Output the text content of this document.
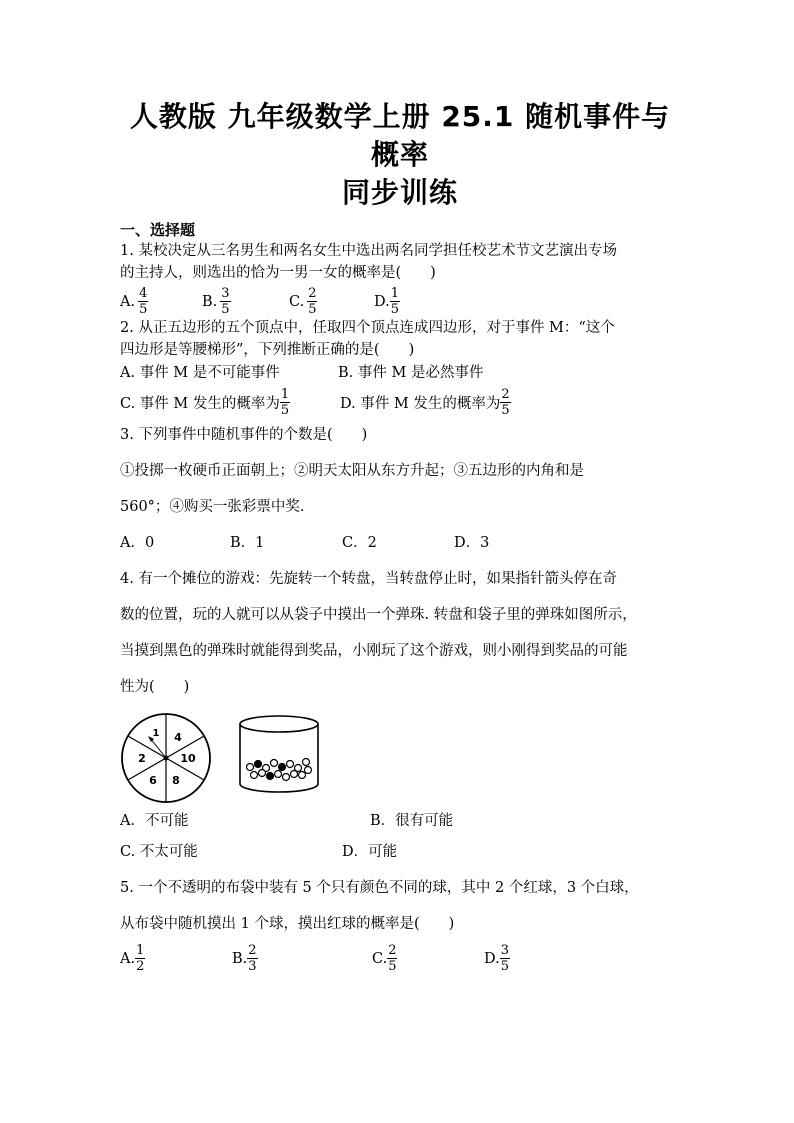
人教版 九年级数学上册 25.1 随机事件与概率
同步训练
一、选择题
1. 某校决定从三名男生和两名女生中选出两名同学担任校艺术节文艺演出专场
的主持人，则选出的恰为一男一女的概率是(　　)
A. $\frac{4}{5}$	B. $\frac{3}{5}$	C. $\frac{2}{5}$	D. $\frac{1}{5}$
2. 从正五边形的五个顶点中，任取四个顶点连成四边形，对于事件 M：“这个
四边形是等腰梯形”，下列推断正确的是(　　)
A. 事件 M 是不可能事件	B. 事件 M 是必然事件
C. 事件 M 发生的概率为 $\frac{1}{5}$	D. 事件 M 发生的概率为 $\frac{2}{5}$
3. 下列事件中随机事件的个数是(　　)
①投掷一枚硬币正面朝上；②明天太阳从东方升起；③五边形的内角和是
560°；④购买一张彩票中奖.
A．0	B．1	C．2	D．3
4. 有一个摊位的游戏：先旋转一个转盘，当转盘停止时，如果指针箭头停在奇
数的位置，玩的人就可以从袋子中摸出一个弹珠. 转盘和袋子里的弹珠如图所示，
当摸到黑色的弹珠时就能得到奖品，小刚玩了这个游戏，则小刚得到奖品的可能
性为(　　)
4
10
8
6
2
1
A．不可能	B．很有可能
C. 不太可能	D．可能
5. 一个不透明的布袋中装有 5 个只有颜色不同的球，其中 2 个红球，3 个白球，
从布袋中随机摸出 1 个球，摸出红球的概率是(　　)
A. $\frac{1}{2}$	B. $\frac{2}{3}$	C. $\frac{2}{5}$	D. $\frac{3}{5}$
